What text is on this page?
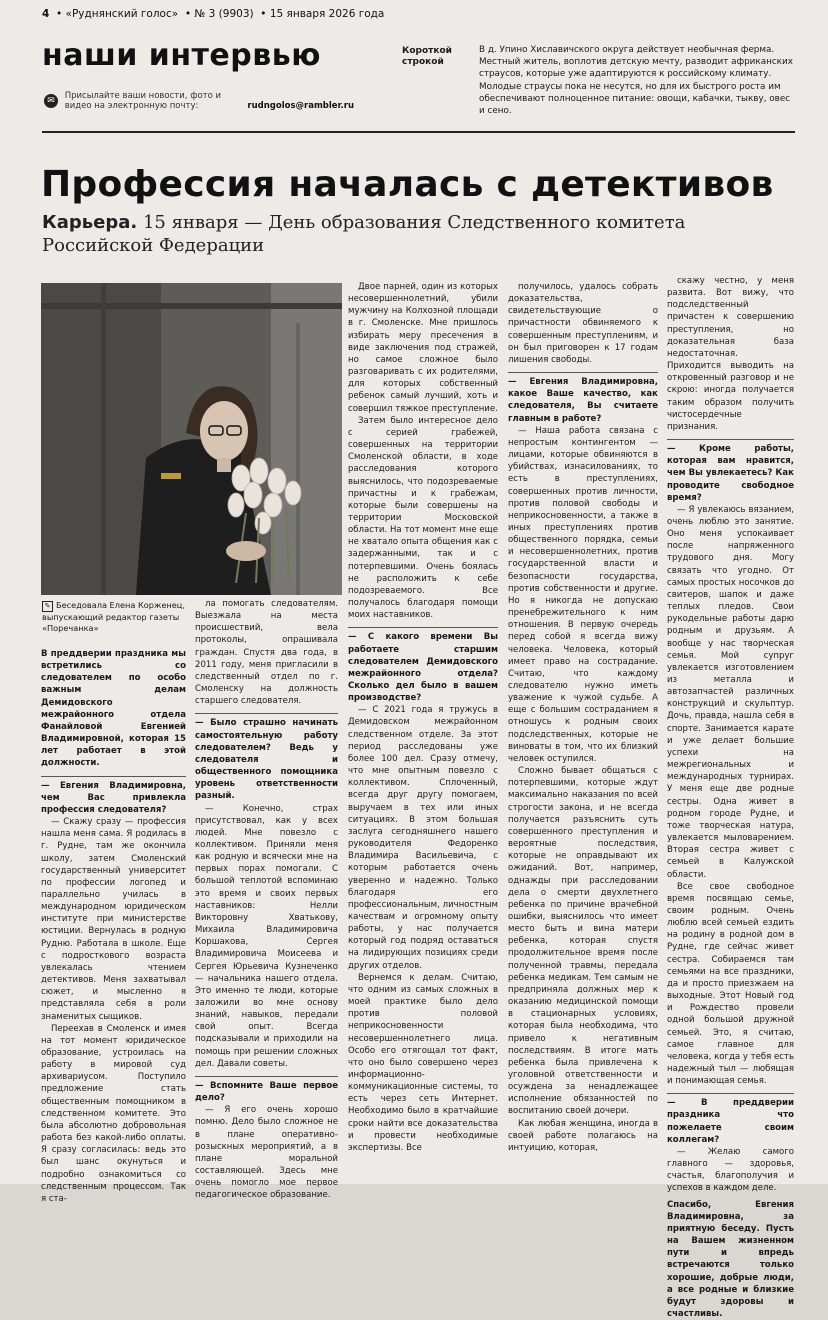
4  • «Руднянский голос»  • № 3 (9903)  • 15 января 2026 года
наши интервью
✉ Присылайте ваши новости, фото и видео на электронную почту:	rudngolos@rambler.ru
Короткой строкой
В д. Упино Хиславичского округа действует необычная ферма. Местный житель, воплотив детскую мечту, разводит африканских страусов, которые уже адаптируются к российскому климату. Молодые страусы пока не несутся, но для их быстрого роста им обеспечивают полноценное питание: овощи, кабачки, тыкву, овес и сено.
Профессия началась с детективов
Карьера. 15 января — День образования Следственного комитета Российской Федерации
✎ Беседовала Елена Корженец, выпускающий редактор газеты «Поречанка»

В преддверии праздника мы встретились со следователем по особо важным делам Демидовского межрайонного отдела Фанайловой Евгенией Владимировной, которая 15 лет работает в этой должности.

— Евгения Владимировна, чем Вас привлекла профессия следователя?

— Скажу сразу — профессия нашла меня сама. Я родилась в г. Рудне, там же окончила школу, затем Смоленский государственный университет по профессии логопед и параллельно училась в международном юридическом институте при министерстве юстиции. Вернулась в родную Рудню. Работала в школе. Еще с подросткового возраста увлекалась чтением детективов. Меня захватывал сюжет, и мысленно я представляла себя в роли знаменитых сыщиков.

Переехав в Смоленск и имея на тот момент юридическое образование, устроилась на работу в мировой суд архивариусом. Поступило предложение стать общественным помощником в следственном комитете. Это была абсолютно добровольная работа без какой-либо оплаты. Я сразу согласилась: ведь это был шанс окунуться и подробно ознакомиться со следственным процессом. Так я ста-

ла помогать следователям. Выезжала на места происшествий, вела протоколы, опрашивала граждан. Спустя два года, в 2011 году, меня пригласили в следственный отдел по г. Смоленску на должность старшего следователя.

— Было страшно начинать самостоятельную работу следователем? Ведь у следователя и общественного помощника уровень ответственности разный.

— Конечно, страх присутствовал, как у всех людей. Мне повезло с коллективом. Приняли меня как родную и всячески мне на первых порах помогали. С большой теплотой вспоминаю это время и своих первых наставников: Нелли Викторовну Хватькову, Михаила Владимировича Коршакова, Сергея Владимировича Моисеева и Сергея Юрьевича Кузнеченко — начальника нашего отдела. Это именно те люди, которые заложили во мне основу знаний, навыков, передали свой опыт. Всегда подсказывали и приходили на помощь при решении сложных дел. Давали советы.

— Вспомните Ваше первое дело?

— Я его очень хорошо помню. Дело было сложное не в плане оперативно-розыскных мероприятий, а в плане моральной составляющей. Здесь мне очень помогло мое первое педагогическое образование.

Двое парней, один из которых несовершеннолетний, убили мужчину на Колхозной площади в г. Смоленске. Мне пришлось избирать меру пресечения в виде заключения под стражей, но самое сложное было разговаривать с их родителями, для которых собственный ребенок самый лучший, хоть и совершил тяжкое преступление.

Затем было интересное дело с серией грабежей, совершенных на территории Смоленской области, в ходе расследования которого выяснилось, что подозреваемые причастны и к грабежам, которые были совершены на территории Московской области. На тот момент мне еще не хватало опыта общения как с задержанными, так и с потерпевшими. Очень боялась не расположить к себе подозреваемого. Все получалось благодаря помощи моих наставников.

— С какого времени Вы работаете старшим следователем Демидовского межрайонного отдела? Сколько дел было в вашем производстве?

— С 2021 года я тружусь в Демидовском межрайонном следственном отделе. За этот период расследованы уже более 100 дел. Сразу отмечу, что мне опытным повезло с коллективом. Сплоченный, всегда друг другу помогаем, выручаем в тех или иных ситуациях. В этом большая заслуга сегодняшнего нашего руководителя Федоренко Владимира Васильевича, с которым работается очень уверенно и надежно. Только благодаря его профессиональным, личностным качествам и огромному опыту работы, у нас получается который год подряд оставаться на лидирующих позициях среди других отделов.

Вернемся к делам. Считаю, что одним из самых сложных в моей практике было дело против половой неприкосновенности несовершеннолетнего лица. Особо его отягощал тот факт, что оно было совершено через информационно-коммуникационные системы, то есть через сеть Интернет. Необходимо было в кратчайшие сроки найти все доказательства и провести необходимые экспертизы. Все

получилось, удалось собрать доказательства, свидетельствующие о причастности обвиняемого к совершенным преступлениям, и он был приговорен к 17 годам лишения свободы.

— Евгения Владимировна, какое Ваше качество, как следователя, Вы считаете главным в работе?

— Наша работа связана с непростым контингентом — лицами, которые обвиняются в убийствах, изнасилованиях, то есть в преступлениях, совершенных против личности, против половой свободы и неприкосновенности, а также в иных преступлениях против общественного порядка, семьи и несовершеннолетних, против государственной власти и безопасности государства, против собственности и другие. Но я никогда не допускаю пренебрежительного к ним отношения. В первую очередь перед собой я всегда вижу человека. Человека, который имеет право на сострадание. Считаю, что каждому следователю нужно иметь уважение к чужой судьбе. А еще с большим состраданием я отношусь к родным своих подследственных, которые не виноваты в том, что их близкий человек оступился.

Сложно бывает общаться с потерпевшими, которые ждут максимально наказания по всей строгости закона, и не всегда получается разъяснить суть совершенного преступления и вероятные последствия, которые не оправдывают их ожиданий. Вот, например, однажды при расследовании дела о смерти двухлетнего ребенка по причине врачебной ошибки, выяснилось что имеет место быть и вина матери ребенка, которая спустя продолжительное время после полученной травмы, передала ребенка медикам. Тем самым не предприняла должных мер к оказанию медицинской помощи в стационарных условиях, которая была необходима, что привело к негативным последствиям. В итоге мать ребенка была привлечена к уголовной ответственности и осуждена за ненадлежащее исполнение обязанностей по воспитанию своей дочери.

Как любая женщина, иногда в своей работе полагаюсь на интуицию, которая,

скажу честно, у меня развита. Вот вижу, что подследственный причастен к совершению преступления, но доказательная база недостаточная. Приходится выводить на откровенный разговор и не скрою: иногда получается таким образом получить чистосердечные признания.

— Кроме работы, которая вам нравится, чем Вы увлекаетесь? Как проводите свободное время?

— Я увлекаюсь вязанием, очень люблю это занятие. Оно меня успокаивает после напряженного трудового дня. Могу связать что угодно. От самых простых носочков до свитеров, шапок и даже теплых пледов. Свои рукодельные работы дарю родным и друзьям. А вообще у нас творческая семья. Мой супруг увлекается изготовлением из металла и автозапчастей различных конструкций и скульптур. Дочь, правда, нашла себя в спорте. Занимается карате и уже делает большие успехи на межрегиональных и международных турнирах. У меня еще две родные сестры. Одна живет в родном городе Рудне, и тоже творческая натура, увлекается мыловарением. Вторая сестра живет с семьей в Калужской области.

Все свое свободное время посвящаю семье, своим родным. Очень люблю всей семьей ездить на родину в родной дом в Рудне, где сейчас живет сестра. Собираемся там семьями на все праздники, да и просто приезжаем на выходные. Этот Новый год и Рождество провели одной большой дружной семьей. Это, я считаю, самое главное для человека, когда у тебя есть надежный тыл — любящая и понимающая семья.

— В преддверии праздника что пожелаете своим коллегам?

— Желаю самого главного — здоровья, счастья, благополучия и успехов в каждом деле.

Спасибо, Евгения Владимировна, за приятную беседу. Пусть на Вашем жизненном пути и впредь встречаются только хорошие, добрые люди, а все родные и близкие будут здоровы и счастливы.
